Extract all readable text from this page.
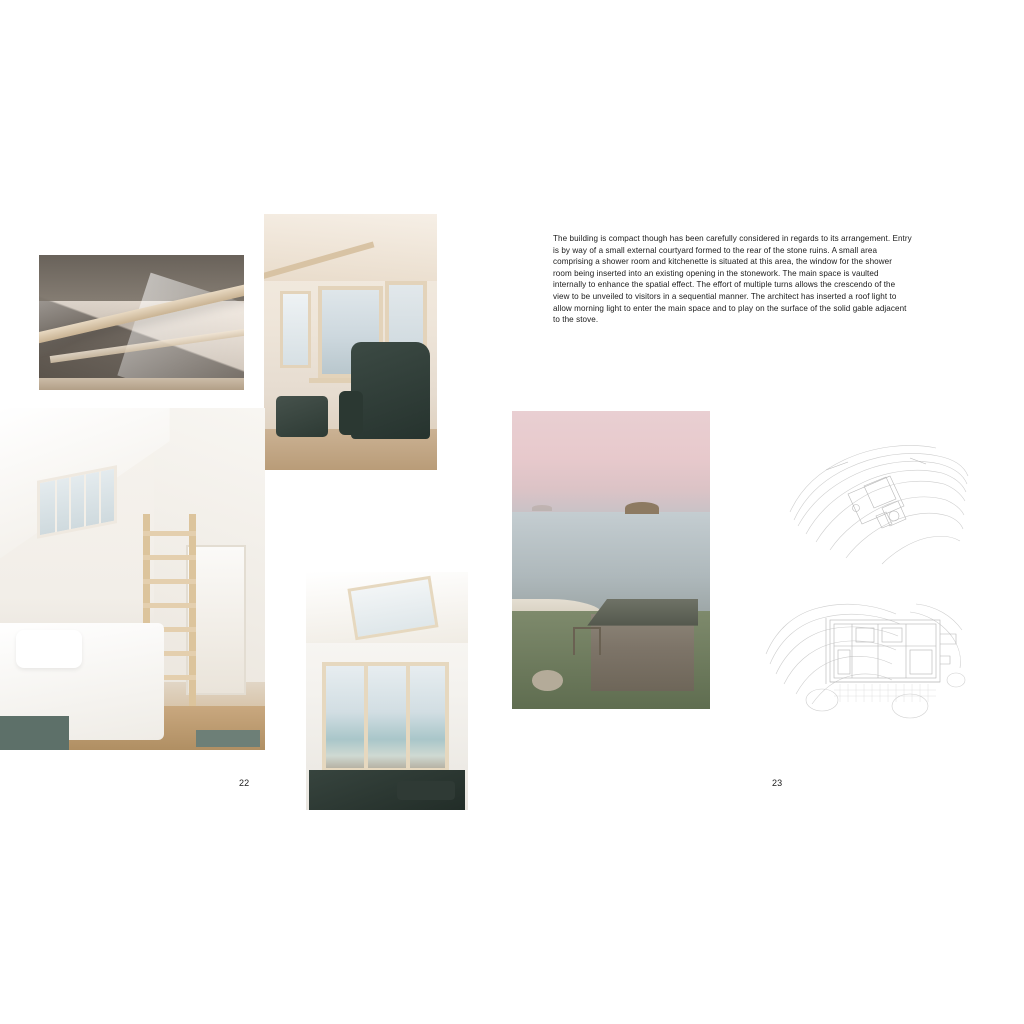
22
The building is compact though has been carefully considered in regards to its arrangement. Entry is by way of a small external courtyard formed to the rear of the stone ruins. A small area comprising a shower room and kitchenette is situated at this area, the window for the shower room being inserted into an existing opening in the stonework. The main space is vaulted internally to enhance the spatial effect. The effort of multiple turns allows the crescendo of the view to be unveiled to visitors in a sequential manner. The architect has inserted a roof light to allow morning light to enter the main space and to play on the surface of the solid gable adjacent to the stove.
23
